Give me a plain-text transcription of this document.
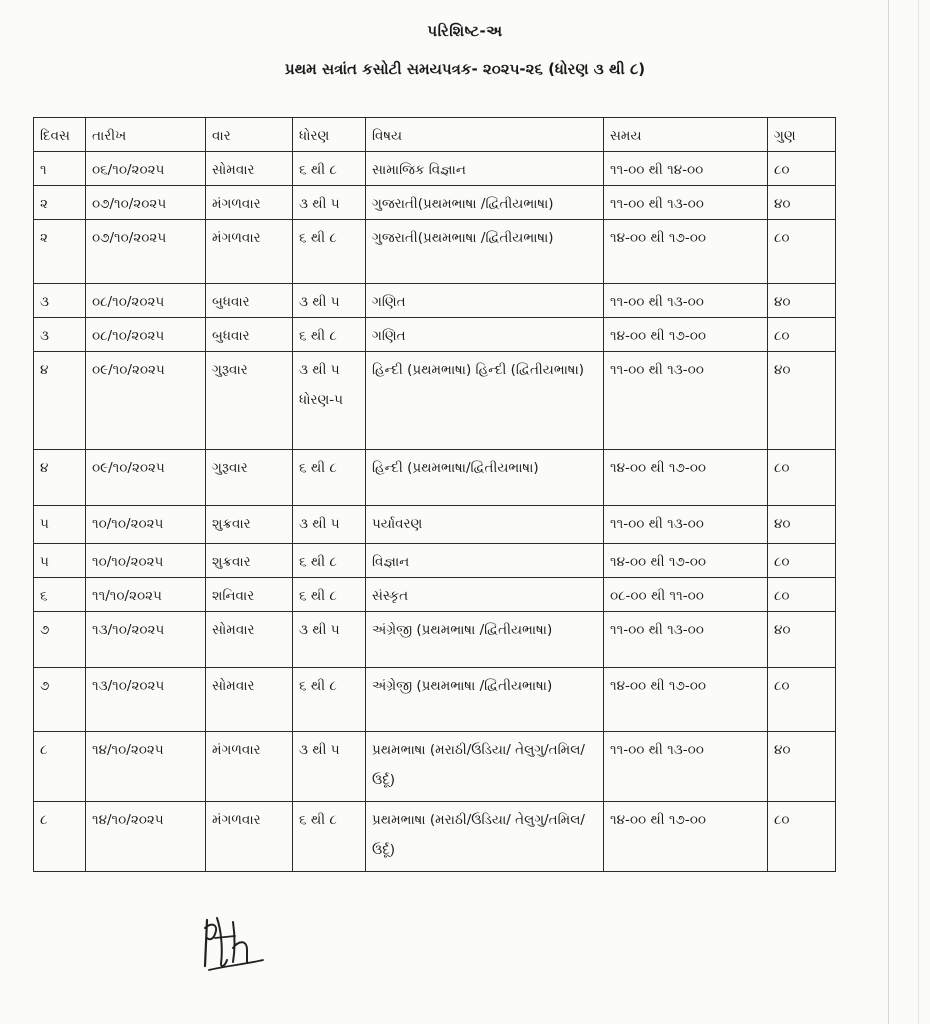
પરિશિષ્ટ-અ
પ્રથમ સત્રાંત કસોટી સમયપત્રક- ૨૦૨૫-૨૬ (ધોરણ ૩ થી ૮)
દિવસ	તારીખ	વાર	ધોરણ	વિષય	સમય	ગુણ
૧	૦૬/૧૦/૨૦૨૫	સોમવાર	૬ થી ૮	સામાજિક વિજ્ઞાન	૧૧-૦૦ થી ૧૪-૦૦	૮૦
૨	૦૭/૧૦/૨૦૨૫	મંગળવાર	૩ થી ૫	ગુજરાતી(પ્રથમભાષા /દ્વિતીયભાષા)	૧૧-૦૦ થી ૧૩-૦૦	૪૦
૨	૦૭/૧૦/૨૦૨૫	મંગળવાર	૬ થી ૮	ગુજરાતી(પ્રથમભાષા /દ્વિતીયભાષા)	૧૪-૦૦ થી ૧૭-૦૦	૮૦
૩	૦૮/૧૦/૨૦૨૫	બુધવાર	૩ થી ૫	ગણિત	૧૧-૦૦ થી ૧૩-૦૦	૪૦
૩	૦૮/૧૦/૨૦૨૫	બુધવાર	૬ થી ૮	ગણિત	૧૪-૦૦ થી ૧૭-૦૦	૮૦
૪	૦૯/૧૦/૨૦૨૫	ગુરૂવાર	૩ થી ૫ ધોરણ-૫	હિન્દી (પ્રથમભાષા) હિન્દી (દ્વિતીયભાષા)	૧૧-૦૦ થી ૧૩-૦૦	૪૦
૪	૦૯/૧૦/૨૦૨૫	ગુરૂવાર	૬ થી ૮	હિન્દી (પ્રથમભાષા/દ્વિતીયભાષા)	૧૪-૦૦ થી ૧૭-૦૦	૮૦
૫	૧૦/૧૦/૨૦૨૫	શુક્રવાર	૩ થી ૫	પર્યાવરણ	૧૧-૦૦ થી ૧૩-૦૦	૪૦
૫	૧૦/૧૦/૨૦૨૫	શુક્રવાર	૬ થી ૮	વિજ્ઞાન	૧૪-૦૦ થી ૧૭-૦૦	૮૦
૬	૧૧/૧૦/૨૦૨૫	શનિવાર	૬ થી ૮	સંસ્કૃત	૦૮-૦૦ થી ૧૧-૦૦	૮૦
૭	૧૩/૧૦/૨૦૨૫	સોમવાર	૩ થી ૫	અંગ્રેજી (પ્રથમભાષા /દ્વિતીયભાષા)	૧૧-૦૦ થી ૧૩-૦૦	૪૦
૭	૧૩/૧૦/૨૦૨૫	સોમવાર	૬ થી ૮	અંગ્રેજી (પ્રથમભાષા /દ્વિતીયભાષા)	૧૪-૦૦ થી ૧૭-૦૦	૮૦
૮	૧૪/૧૦/૨૦૨૫	મંગળવાર	૩ થી ૫	પ્રથમભાષા (મરાઠી/ઉડિયા/ તેલુગુ/તમિલ/ઉર્દૂ)	૧૧-૦૦ થી ૧૩-૦૦	૪૦
૮	૧૪/૧૦/૨૦૨૫	મંગળવાર	૬ થી ૮	પ્રથમભાષા (મરાઠી/ઉડિયા/ તેલુગુ/તમિલ/ઉર્દૂ)	૧૪-૦૦ થી ૧૭-૦૦	૮૦
